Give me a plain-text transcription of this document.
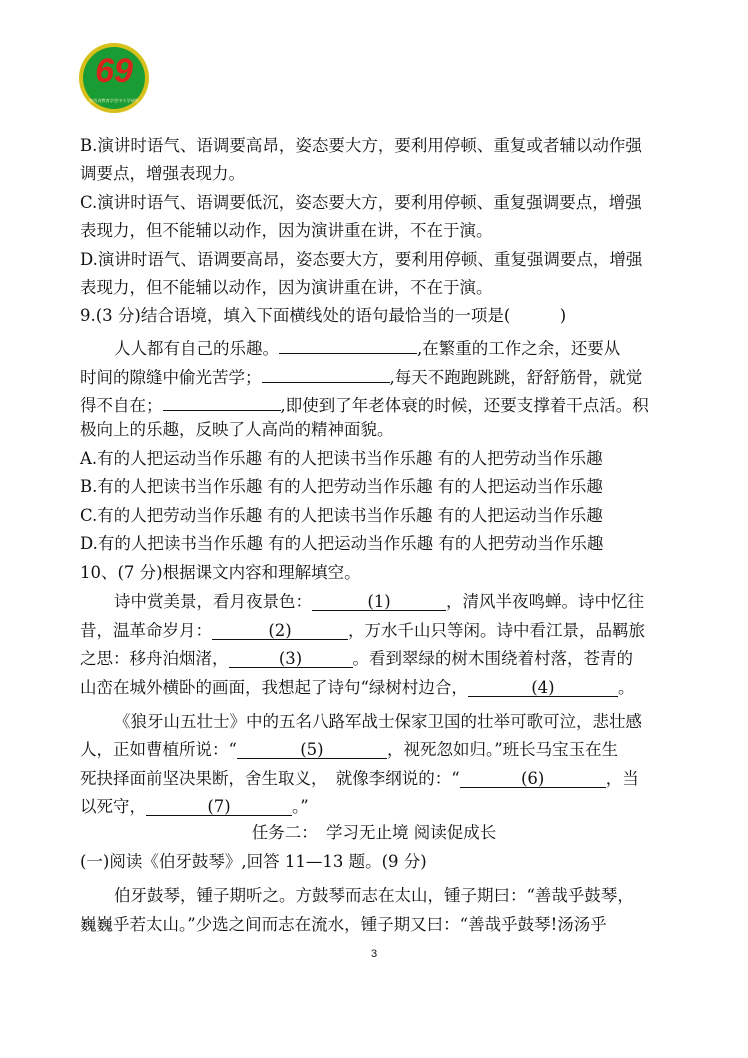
69
陕西省教育学会中小学研究
B.演讲时语气、语调要高昂，姿态要大方，要利用停顿、重复或者辅以动作强
调要点，增强表现力。
C.演讲时语气、语调要低沉，姿态要大方，要利用停顿、重复强调要点，增强
表现力，但不能辅以动作，因为演讲重在讲，不在于演。
D.演讲时语气、语调要高昂，姿态要大方，要利用停顿、重复强调要点，增强
表现力，但不能辅以动作，因为演讲重在讲，不在于演。
9.(3 分)结合语境，填入下面横线处的语句最恰当的一项是(　　　)
人人都有自己的乐趣。	,在繁重的工作之余，还要从
时间的隙缝中偷光苦学；	,每天不跑跑跳跳，舒舒筋骨，就觉
得不自在；	,即使到了年老体衰的时候，还要支撑着干点活。积
极向上的乐趣，反映了人高尚的精神面貌。
A.有的人把运动当作乐趣 有的人把读书当作乐趣 有的人把劳动当作乐趣
B.有的人把读书当作乐趣 有的人把劳动当作乐趣 有的人把运动当作乐趣
C.有的人把劳动当作乐趣 有的人把读书当作乐趣 有的人把运动当作乐趣
D.有的人把读书当作乐趣 有的人把运动当作乐趣 有的人把劳动当作乐趣
10、(7 分)根据课文内容和理解填空。
诗中赏美景，看月夜景色：	(1)	，清风半夜鸣蝉。诗中忆往
昔，温革命岁月：	(2)	，万水千山只等闲。诗中看江景，品羁旅
之思：移舟泊烟渚，	(3)	。看到翠绿的树木围绕着村落，苍青的
山峦在城外横卧的画面，我想起了诗句“绿树村边合，	(4)	。
《狼牙山五壮士》中的五名八路军战士保家卫国的壮举可歌可泣，悲壮感
人，正如曹植所说：“	(5)	，视死忽如归。”班长马宝玉在生
死抉择面前坚决果断，舍生取义，　就像李纲说的：“	(6)	，当
以死守，	(7)	。”
任务二：　学习无止境 阅读促成长
(一)阅读《伯牙鼓琴》,回答 11—13 题。(9 分)
伯牙鼓琴，锺子期听之。方鼓琴而志在太山，锺子期曰：“善哉乎鼓琴，
巍巍乎若太山。”少选之间而志在流水，锺子期又曰：“善哉乎鼓琴!汤汤乎
3
